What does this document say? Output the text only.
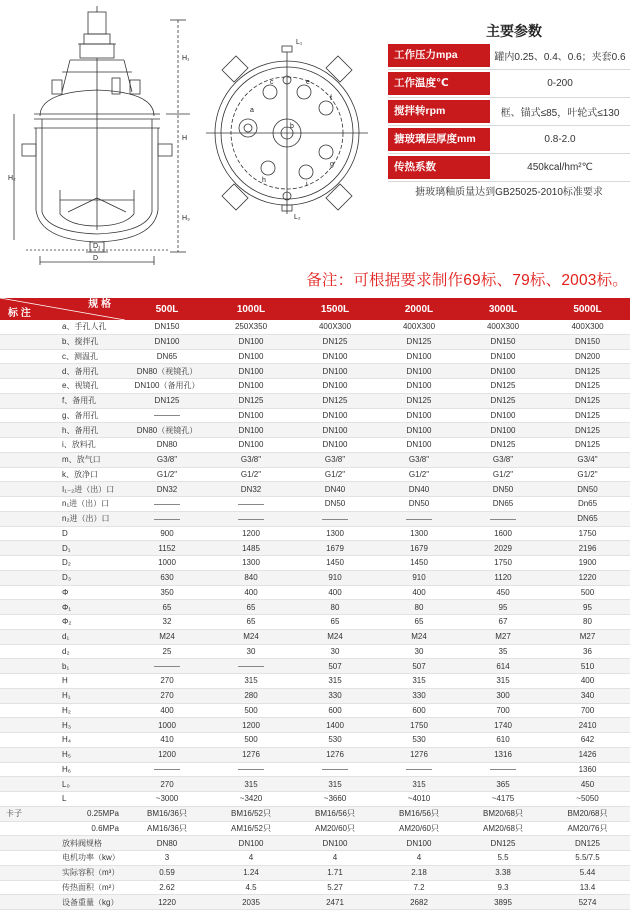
L₁
L₂
D
D₁
H
H₁
H₂
H₃
a
b
c	e
f
g
h
i
主要参数
工作压力mpa	罐内0.25、0.4、0.6；夹套0.6
工作温度℃	0-200
搅拌转rpm	框、锚式≤85，叶轮式≤130
搪玻璃层厚度mm	0.8-2.0
传热系数	450kcal/hm²℃
搪玻璃釉质量达到GB25025-2010标准要求
备注：可根据要求制作69标、79标、2003标。
规 格
标 注	500L	1000L	1500L	2000L	3000L	5000L
a、手孔人孔	DN150	250X350	400X300	400X300	400X300	400X300
b、搅拌孔	DN100	DN100	DN125	DN125	DN150	DN150
c、测温孔	DN65	DN100	DN100	DN100	DN100	DN200
d、备用孔	DN80（视镜孔）	DN100	DN100	DN100	DN100	DN125
e、视镜孔	DN100（备用孔）	DN100	DN100	DN100	DN125	DN125
f、备用孔	DN125	DN125	DN125	DN125	DN125	DN125
g、备用孔		DN100	DN100	DN100	DN100	DN125
h、备用孔	DN80（视镜孔）	DN100	DN100	DN100	DN100	DN125
i、放料孔	DN80	DN100	DN100	DN100	DN125	DN125
m、放气口	G3/8"	G3/8"	G3/8"	G3/8"	G3/8"	G3/4"
k、放净口	G1/2"	G1/2"	G1/2"	G1/2"	G1/2"	G1/2"
I₁₋₂进（出）口	DN32	DN32	DN40	DN40	DN50	DN50
n₁进（出）口			DN50	DN50	DN65	Dn65
n₂进（出）口						DN65
D	900	1200	1300	1300	1600	1750
D₁	1152	1485	1679	1679	2029	2196
D₂	1000	1300	1450	1450	1750	1900
D₃	630	840	910	910	1120	1220
Φ	350	400	400	400	450	500
Φ₁	65	65	80	80	95	95
Φ₂	32	65	65	65	67	80
d₁	M24	M24	M24	M24	M27	M27
d₂	25	30	30	30	35	36
b₁			507	507	614	510
H	270	315	315	315	315	400
H₁	270	280	330	330	300	340
H₂	400	500	600	600	700	700
H₃	1000	1200	1400	1750	1740	2410
H₄	410	500	530	530	610	642
H₅	1200	1276	1276	1276	1316	1426
H₆						1360
L₀	270	315	315	315	365	450
L	~3000	~3420	~3660	~4010	~4175	~5050

卡子 0.25MPa	BM16/36只	BM16/52只	BM16/56只	BM16/56只	BM20/68只	BM20/68只
0.6MPa	AM16/36只	AM16/52只	AM20/60只	AM20/60只	AM20/68只	AM20/76只
放料阀规格	DN80	DN100	DN100	DN100	DN125	DN125
电机功率（kw）	3	4	4	4	5.5	5.5/7.5
实际容积（m³）	0.59	1.24	1.71	2.18	3.38	5.44
传热面积（m²）	2.62	4.5	5.27	7.2	9.3	13.4
设备重量（kg）	1220	2035	2471	2682	3895	5274
